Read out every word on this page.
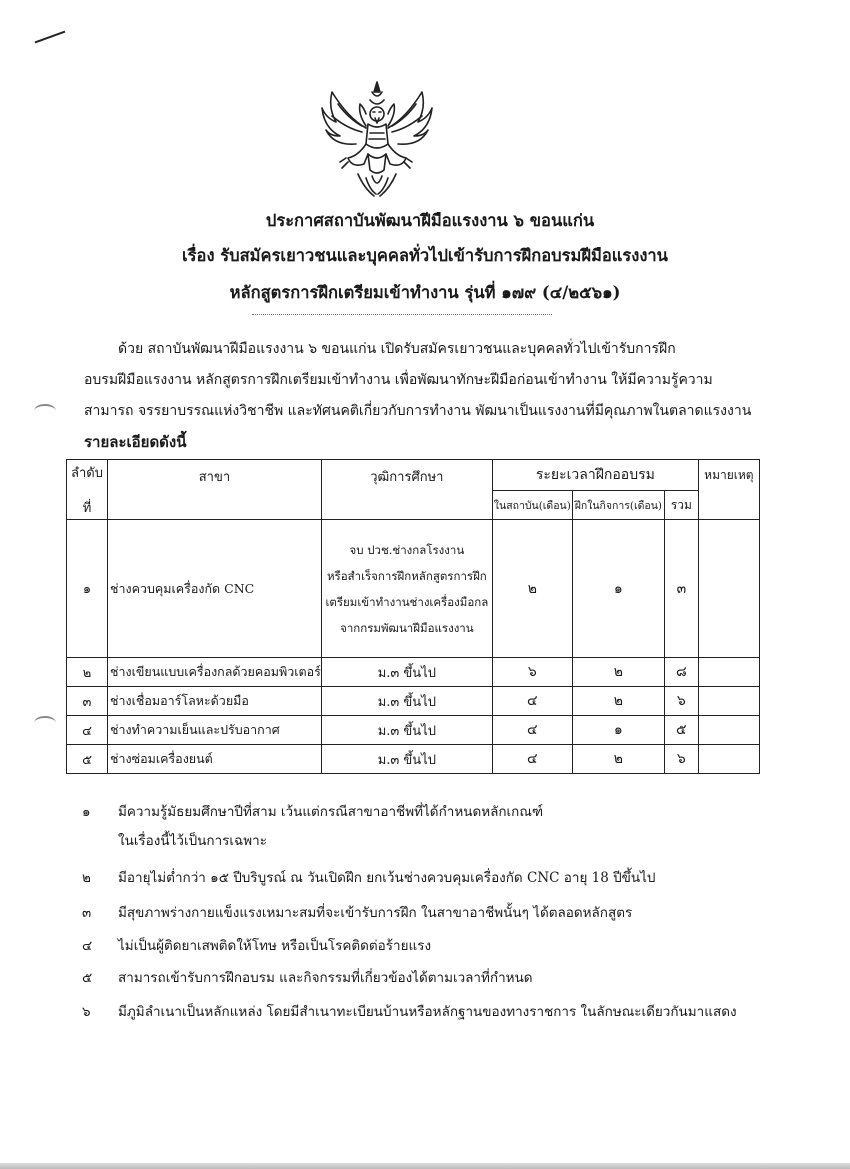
ประกาศสถาบันพัฒนาฝีมือแรงงาน ๖ ขอนแก่น
เรื่อง รับสมัครเยาวชนและบุคคลทั่วไปเข้ารับการฝึกอบรมฝีมือแรงงาน
หลักสูตรการฝึกเตรียมเข้าทำงาน รุ่นที่ ๑๗๙ (๔/๒๕๖๑)
ด้วย สถาบันพัฒนาฝีมือแรงงาน ๖ ขอนแก่น เปิดรับสมัครเยาวชนและบุคคลทั่วไปเข้ารับการฝึก
อบรมฝีมือแรงงาน หลักสูตรการฝึกเตรียมเข้าทำงาน เพื่อพัฒนาทักษะฝีมือก่อนเข้าทำงาน ให้มีความรู้ความ
สามารถ จรรยาบรรณแห่งวิชาชีพ และทัศนคติเกี่ยวกับการทำงาน พัฒนาเป็นแรงงานที่มีคุณภาพในตลาดแรงงาน
รายละเอียดดังนี้
ลำดับ
ที่	สาขา	วุฒิการศึกษา	ระยะเวลาฝึกออบรม			หมายเหตุ
			ในสถาบัน(เดือน)	ฝึกในกิจการ(เดือน)	รวม	
๑	ช่างควบคุมเครื่องกัด CNC	จบ ปวช.ช่างกลโรงงาน
หรือสำเร็จการฝึกหลักสูตรการฝึก
เตรียมเข้าทำงานช่างเครื่องมือกล
จากกรมพัฒนาฝีมือแรงงาน	๒	๑	๓	
๒	ช่างเขียนแบบเครื่องกลด้วยคอมพิวเตอร์	ม.๓ ขึ้นไป	๖	๒	๘	
๓	ช่างเชื่อมอาร์โลหะด้วยมือ	ม.๓ ขึ้นไป	๔	๒	๖	
๔	ช่างทำความเย็นและปรับอากาศ	ม.๓ ขึ้นไป	๔	๑	๕	
๕	ช่างซ่อมเครื่องยนต์	ม.๓ ขึ้นไป	๔	๒	๖	
๑ มีความรู้มัธยมศึกษาปีที่สาม เว้นแต่กรณีสาขาอาชีพที่ได้กำหนดหลักเกณฑ์
ในเรื่องนี้ไว้เป็นการเฉพาะ
๒ มีอายุไม่ต่ำกว่า ๑๕ ปีบริบูรณ์ ณ วันเปิดฝึก ยกเว้นช่างควบคุมเครื่องกัด CNC อายุ 18 ปีขึ้นไป
๓ มีสุขภาพร่างกายแข็งแรงเหมาะสมที่จะเข้ารับการฝึก ในสาขาอาชีพนั้นๆ ได้ตลอดหลักสูตร
๔ ไม่เป็นผู้ติดยาเสพติดให้โทษ หรือเป็นโรคติดต่อร้ายแรง
๕ สามารถเข้ารับการฝึกอบรม และกิจกรรมที่เกี่ยวข้องได้ตามเวลาที่กำหนด
๖ มีภูมิลำเนาเป็นหลักแหล่ง โดยมีสำเนาทะเบียนบ้านหรือหลักฐานของทางราชการ ในลักษณะเดียวกันมาแสดง
